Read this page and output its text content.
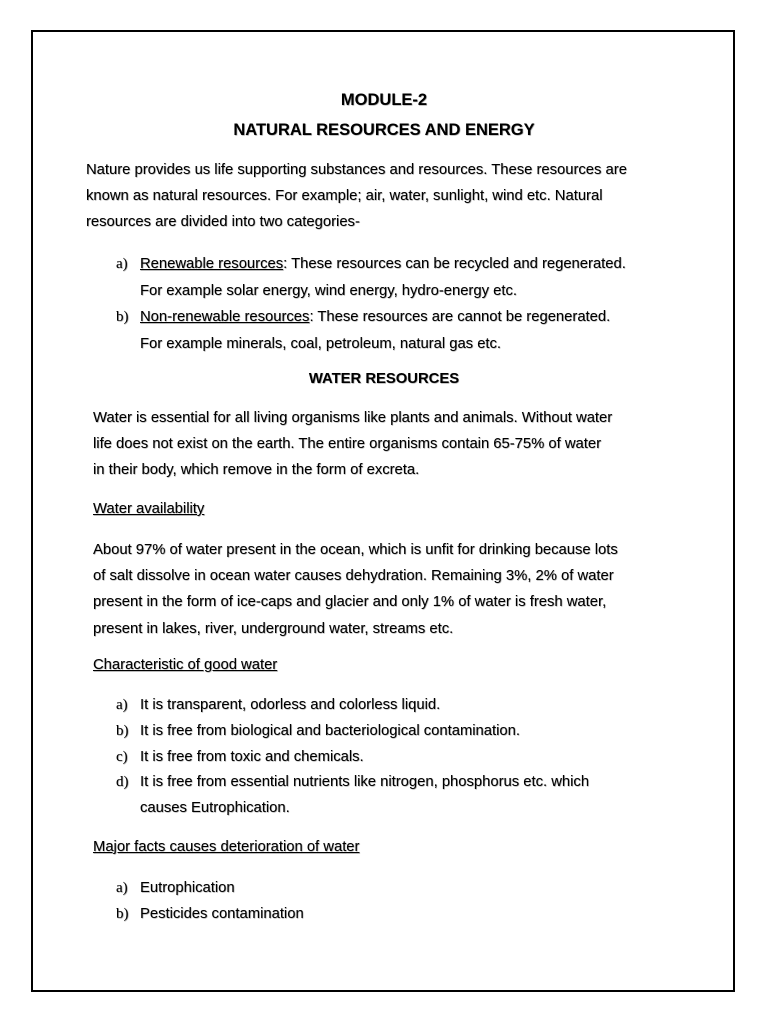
MODULE-2
NATURAL RESOURCES AND ENERGY
Nature provides us life supporting substances and resources. These resources are
known as natural resources. For example; air, water, sunlight, wind etc. Natural
resources are divided into two categories-
a) Renewable resources: These resources can be recycled and regenerated.
For example solar energy, wind energy, hydro-energy etc.
b) Non-renewable resources: These resources are cannot be regenerated.
For example minerals, coal, petroleum, natural gas etc.
WATER RESOURCES
Water is essential for all living organisms like plants and animals. Without water
life does not exist on the earth. The entire organisms contain 65-75% of water
in their body, which remove in the form of excreta.
Water availability
About 97% of water present in the ocean, which is unfit for drinking because lots
of salt dissolve in ocean water causes dehydration. Remaining 3%, 2% of water
present in the form of ice-caps and glacier and only 1% of water is fresh water,
present in lakes, river, underground water, streams etc.
Characteristic of good water
a) It is transparent, odorless and colorless liquid.
b) It is free from biological and bacteriological contamination.
c) It is free from toxic and chemicals.
d) It is free from essential nutrients like nitrogen, phosphorus etc. which
causes Eutrophication.
Major facts causes deterioration of water
a) Eutrophication
b) Pesticides contamination
